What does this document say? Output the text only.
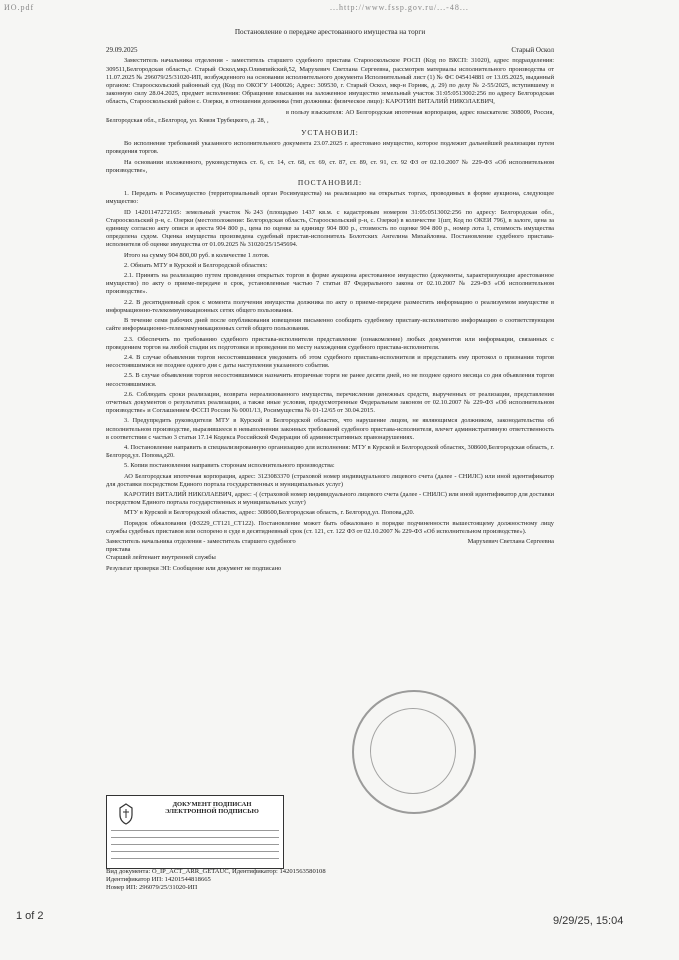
ИО.pdf	...http://www.fssp.gov.ru/...-48...
Постановление о передаче арестованного имущества на торги
29.09.2025	Старый Оскол

Заместитель начальника отделения - заместитель старшего судебного пристава Старооскольское РОСП (Код по ВКСП: 31020), адрес подразделения: 309511,Белгородская область,г. Старый Оскол,мкр.Олимпийский,52, Марухевич Светлана Сергеевна, рассмотрев материалы исполнительного производства от 11.07.2025 № 296079/25/31020-ИП, возбужденного на основании исполнительного документа Исполнительный лист (1) № ФС 045414881 от 13.05.2025, выданный органом: Старооскольский районный суд (Код по ОКОГУ 1400026; Адрес: 309530, г. Старый Оскол, мкр-н Горняк, д. 29) по делу № 2-55/2025, вступившему в законную силу 28.04.2025, предмет исполнения: Обращение взыскания на заложенное имущество земельный участок 31:05:0513002:256 по адресу Белгородская область, Старооскольский район с. Озерки, в отношении должника (тип должника: физическое лицо): КАРОТИН ВИТАЛИЙ НИКОЛАЕВИЧ,

в пользу взыскателя: АО Белгородская ипотечная корпорация, адрес взыскателя: 308009, Россия, Белгородская обл., г.Белгород, ул. Князя Трубецкого, д. 28, ,

УСТАНОВИЛ:

Во исполнение требований указанного исполнительного документа 23.07.2025 г. арестовано имущество, которое подлежит дальнейшей реализации путем проведения торгов.

На основании изложенного, руководствуясь ст. 6, ст. 14, ст. 68, ст. 69, ст. 87, ст. 89, ст. 91, ст. 92 ФЗ от 02.10.2007 № 229-ФЗ «Об исполнительном производстве»,

ПОСТАНОВИЛ:

1. Передать в Росимущество (территориальный орган Росимущества) на реализацию на открытых торгах, проводимых в форме аукциона, следующее имущество:

ID 14201147272165: земельный участок №243 (площадью 1437 кв.м. с кадастровым номером 31:05:0513002:256 по адресу: Белгородская обл., Старооскольский р-н, с. Озерки (местоположение: Белгородская область, Старооскольский р-н, с. Озерки) в количестве 1(шт, Код по ОКЕИ 796), в залоге, цена за единицу согласно акту описи и ареста 904 800 р., цена по оценке за единицу 904 800 р., стоимость по оценке 904 800 р., номер лота 1, стоимость имущества определена судом. Оценка имущества произведена судебный пристав-исполнитель Болотских Ангелина Михайловна. Постановление судебного пристава-исполнителя об оценке имущества от 01.09.2025 № 31020/25/1545694.

Итого на сумму 904 800,00 руб. в количестве 1 лотов.

2. Обязать МТУ в Курской и Белгородской областях:

2.1. Принять на реализацию путем проведения открытых торгов в форме аукциона арестованное имущество (документы, характеризующие арестованное имущество) по акту о приеме-передаче в срок, установленные частью 7 статьи 87 Федерального закона от 02.10.2007 № 229-ФЗ «Об исполнительном производстве».

2.2. В десятидневный срок с момента получения имущества должника по акту о приеме-передаче разместить информацию о реализуемом имуществе в информационно-телекоммуникационных сетях общего пользования.

В течение семи рабочих дней после опубликования извещения письменно сообщить судебному приставу-исполнителю информацию о соответствующем сайте информационно-телекоммуникационных сетей общего пользования.

2.3. Обеспечить по требованию судебного пристава-исполнителя представление (ознакомление) любых документов или информации, связанных с проведением торгов на любой стадии их подготовки и проведения по месту нахождения судебного пристава-исполнителя.

2.4. В случае объявления торгов несостоявшимися уведомить об этом судебного пристава-исполнителя и представить ему протокол о признании торгов несостоявшимися не позднее одного дня с даты наступления указанного события.

2.5. В случае объявления торгов несостоявшимися назначить вторичные торги не ранее десяти дней, но не позднее одного месяца со дня объявления торгов несостоявшимися.

2.6. Соблюдать сроки реализации, возврата нереализованного имущества, перечисления денежных средств, вырученных от реализации, представления отчетных документов о результатах реализации, а также иные условия, предусмотренные Федеральным законом от 02.10.2007 № 229-ФЗ «Об исполнительном производстве» и Соглашением ФССП России № 0001/13, Росимущества № 01-12/65 от 30.04.2015.

3. Предупредить руководителя МТУ в Курской и Белгородской областях, что нарушение лицом, не являющимся должником, законодательства об исполнительном производстве, выразившееся в невыполнении законных требований судебного пристава-исполнителя, влечет административную ответственность в соответствии с частью 3 статьи 17.14 Кодекса Российской Федерации об административных правонарушениях.

4. Постановление направить в специализированную организацию для исполнения: МТУ в Курской и Белгородской областях, 308600,Белгородская область, г. Белгород,ул. Попова,д20.

5. Копии постановления направить сторонам исполнительного производства:

АО Белгородская ипотечная корпорация, адрес: 3123083370 (страховой номер индивидуального лицевого счета (далее - СНИЛС) или иной идентификатор для доставки посредством Единого портала государственных и муниципальных услуг)

КАРОТИН ВИТАЛИЙ НИКОЛАЕВИЧ, адрес: -( (страховой номер индивидуального лицевого счета (далее - СНИЛС) или иной идентификатор для доставки посредством Единого портала государственных и муниципальных услуг)

МТУ в Курской и Белгородской областях, адрес: 308600,Белгородская область, г. Белгород,ул. Попова,д20.

Порядок обжалования (ФЗ229_СТ121_СТ122). Постановление может быть обжаловано в порядке подчиненности вышестоящему должностному лицу службы судебных приставов или оспорено в суде в десятидневный срок (ст. 121, ст. 122 ФЗ от 02.10.2007 № 229-ФЗ «Об исполнительном производстве»).

Заместитель начальника отделения - заместитель старшего судебного пристава
Марухевич Светлана Сергеевна

Старший лейтенант внутренней службы

Результат проверки ЭП: Сообщение или документ не подписано

ДОКУМЕНТ ПОДПИСАН
ЭЛЕКТРОННОЙ ПОДПИСЬЮ
Вид документа: O_IP_ACT_ARR_GETAUC, Идентификатор: 14201563580108
Идентификатор ИП: 14201544818665
Номер ИП: 296079/25/31020-ИП
1 of 2	9/29/25, 15:04
